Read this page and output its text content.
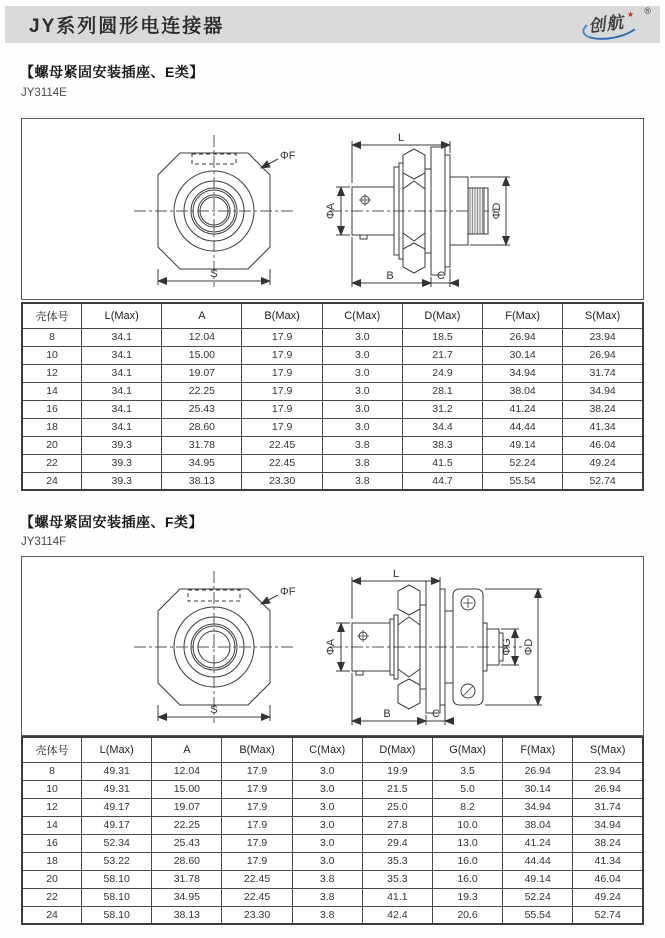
JY系列圆形电连接器	创航 ★ ®
【螺母紧固安装插座、E类】
JY3114E
ΦF
S
L
ΦA	ΦD
B	C
壳体号	L(Max)	A	B(Max)	C(Max)	D(Max)	F(Max)	S(Max)
8	34.1	12.04	17.9	3.0	18.5	26.94	23.94
10	34.1	15.00	17.9	3.0	21.7	30.14	26.94
12	34.1	19.07	17.9	3.0	24.9	34.94	31.74
14	34.1	22.25	17.9	3.0	28.1	38.04	34.94
16	34.1	25.43	17.9	3.0	31.2	41.24	38.24
18	34.1	28.60	17.9	3.0	34.4	44.44	41.34
20	39.3	31.78	22.45	3.8	38.3	49.14	46.04
22	39.3	34.95	22.45	3.8	41.5	52.24	49.24
24	39.3	38.13	23.30	3.8	44.7	55.54	52.74
【螺母紧固安装插座、F类】
JY3114F
ΦF
S
L
ΦA	ΦG ΦD
B	C
壳体号	L(Max)	A	B(Max)	C(Max)	D(Max)	G(Max)	F(Max)	S(Max)
8	49.31	12.04	17.9	3.0	19.9	3.5	26.94	23.94
10	49.31	15.00	17.9	3.0	21.5	5.0	30.14	26.94
12	49.17	19.07	17.9	3.0	25.0	8.2	34.94	31.74
14	49.17	22.25	17.9	3.0	27.8	10.0	38.04	34.94
16	52.34	25.43	17.9	3.0	29.4	13.0	41.24	38.24
18	53.22	28.60	17.9	3.0	35.3	16.0	44.44	41.34
20	58.10	31.78	22.45	3.8	35.3	16.0	49.14	46.04
22	58.10	34.95	22.45	3.8	41.1	19.3	52.24	49.24
24	58.10	38.13	23.30	3.8	42.4	20.6	55.54	52.74
